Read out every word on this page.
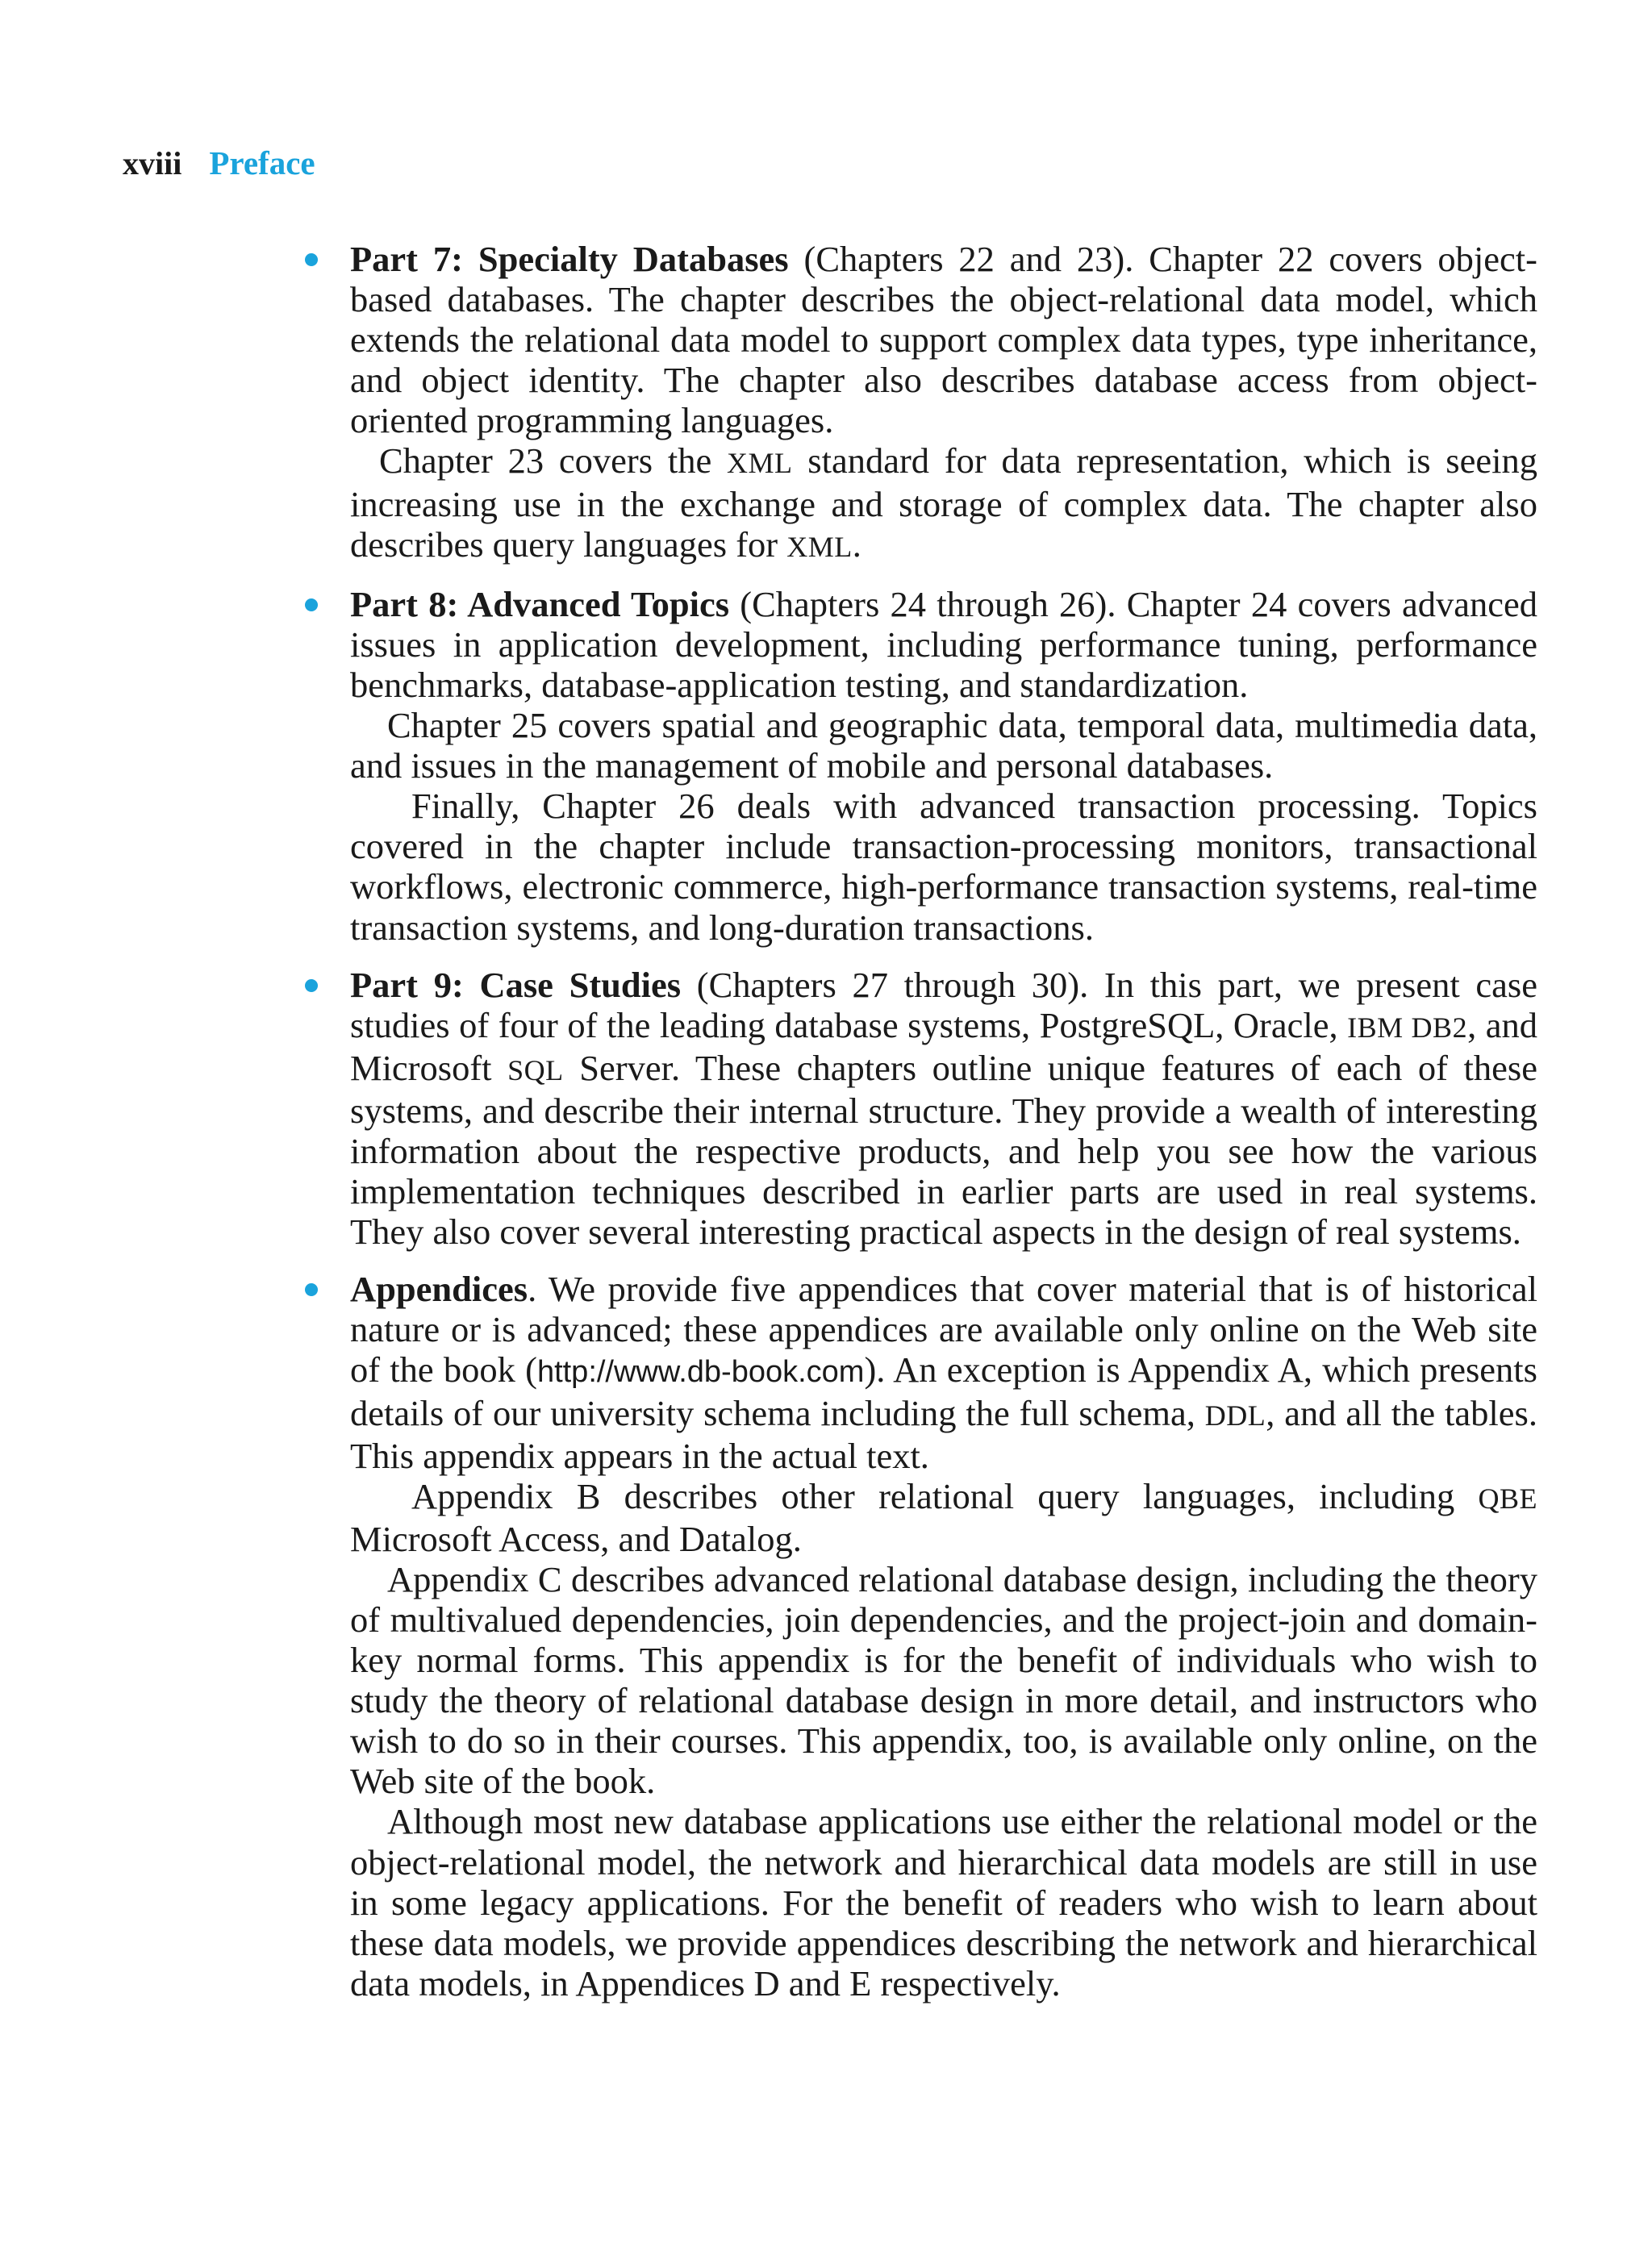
xviii Preface

Part 7: Specialty Databases (Chapters 22 and 23). Chapter 22 covers object-based databases. The chapter describes the object-relational data model, which extends the relational data model to support complex data types, type inheritance, and object identity. The chapter also describes database access from object-oriented programming languages.

Chapter 23 covers the XML standard for data representation, which is seeing increasing use in the exchange and storage of complex data. The chapter also describes query languages for XML.

Part 8: Advanced Topics (Chapters 24 through 26). Chapter 24 covers advanced issues in application development, including performance tuning, performance benchmarks, database-application testing, and standardization.

Chapter 25 covers spatial and geographic data, temporal data, multimedia data, and issues in the management of mobile and personal databases.

Finally, Chapter 26 deals with advanced transaction processing. Topics covered in the chapter include transaction-processing monitors, transactional workflows, electronic commerce, high-performance transaction systems, real-time transaction systems, and long-duration transactions.

Part 9: Case Studies (Chapters 27 through 30). In this part, we present case studies of four of the leading database systems, PostgreSQL, Oracle, IBM DB2, and Microsoft SQL Server. These chapters outline unique features of each of these systems, and describe their internal structure. They provide a wealth of interesting information about the respective products, and help you see how the various implementation techniques described in earlier parts are used in real systems. They also cover several interesting practical aspects in the design of real systems.

Appendices. We provide five appendices that cover material that is of historical nature or is advanced; these appendices are available only online on the Web site of the book (http://www.db-book.com). An exception is Appendix A, which presents details of our university schema including the full schema, DDL, and all the tables. This appendix appears in the actual text.

Appendix B describes other relational query languages, including QBE Microsoft Access, and Datalog.

Appendix C describes advanced relational database design, including the theory of multivalued dependencies, join dependencies, and the project-join and domain-key normal forms. This appendix is for the benefit of individuals who wish to study the theory of relational database design in more detail, and instructors who wish to do so in their courses. This appendix, too, is available only online, on the Web site of the book.

Although most new database applications use either the relational model or the object-relational model, the network and hierarchical data models are still in use in some legacy applications. For the benefit of readers who wish to learn about these data models, we provide appendices describing the network and hierarchical data models, in Appendices D and E respectively.
